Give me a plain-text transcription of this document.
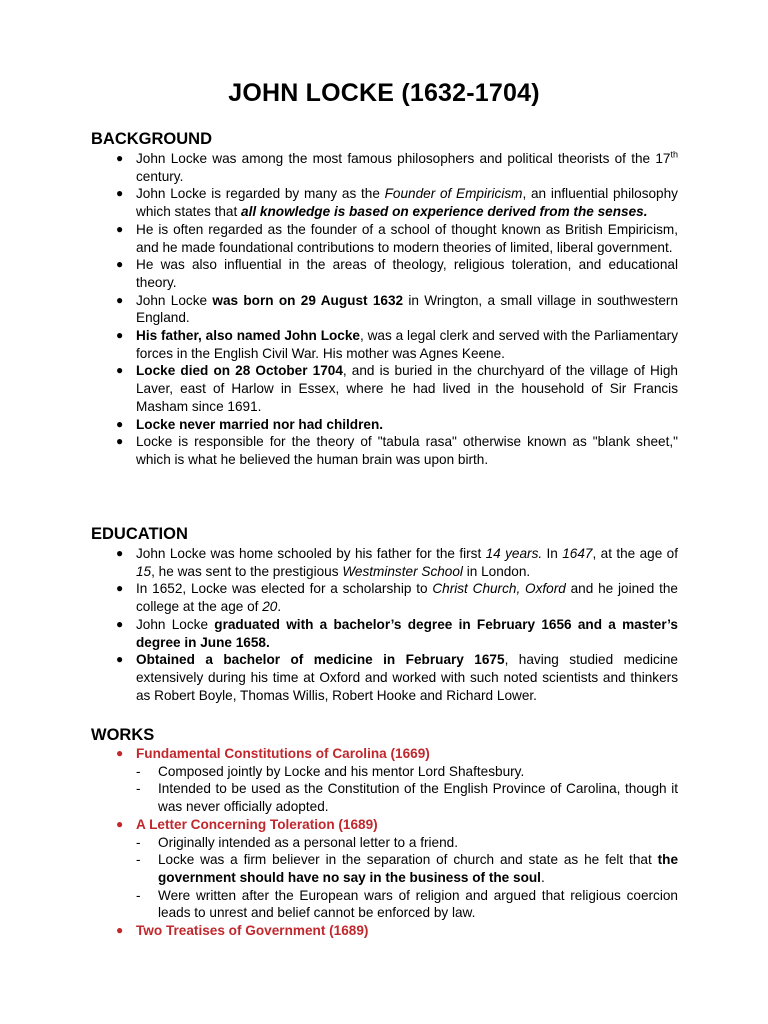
JOHN LOCKE (1632-1704)
BACKGROUND
● John Locke was among the most famous philosophers and political theorists of the 17th century.
● John Locke is regarded by many as the Founder of Empiricism, an influential philosophy which states that all knowledge is based on experience derived from the senses.
● He is often regarded as the founder of a school of thought known as British Empiricism, and he made foundational contributions to modern theories of limited, liberal government.
● He was also influential in the areas of theology, religious toleration, and educational theory.
● John Locke was born on 29 August 1632 in Wrington, a small village in southwestern England.
● His father, also named John Locke, was a legal clerk and served with the Parliamentary forces in the English Civil War. His mother was Agnes Keene.
● Locke died on 28 October 1704, and is buried in the churchyard of the village of High Laver, east of Harlow in Essex, where he had lived in the household of Sir Francis Masham since 1691.
● Locke never married nor had children.
● Locke is responsible for the theory of "tabula rasa" otherwise known as "blank sheet," which is what he believed the human brain was upon birth.
EDUCATION
● John Locke was home schooled by his father for the first 14 years. In 1647, at the age of 15, he was sent to the prestigious Westminster School in London.
● In 1652, Locke was elected for a scholarship to Christ Church, Oxford and he joined the college at the age of 20.
● John Locke graduated with a bachelor’s degree in February 1656 and a master’s degree in June 1658.
● Obtained a bachelor of medicine in February 1675, having studied medicine extensively during his time at Oxford and worked with such noted scientists and thinkers as Robert Boyle, Thomas Willis, Robert Hooke and Richard Lower.
WORKS
● Fundamental Constitutions of Carolina (1669)
- Composed jointly by Locke and his mentor Lord Shaftesbury.
- Intended to be used as the Constitution of the English Province of Carolina, though it was never officially adopted.
● A Letter Concerning Toleration (1689)
- Originally intended as a personal letter to a friend.
- Locke was a firm believer in the separation of church and state as he felt that the government should have no say in the business of the soul.
- Were written after the European wars of religion and argued that religious coercion leads to unrest and belief cannot be enforced by law.
● Two Treatises of Government (1689)
